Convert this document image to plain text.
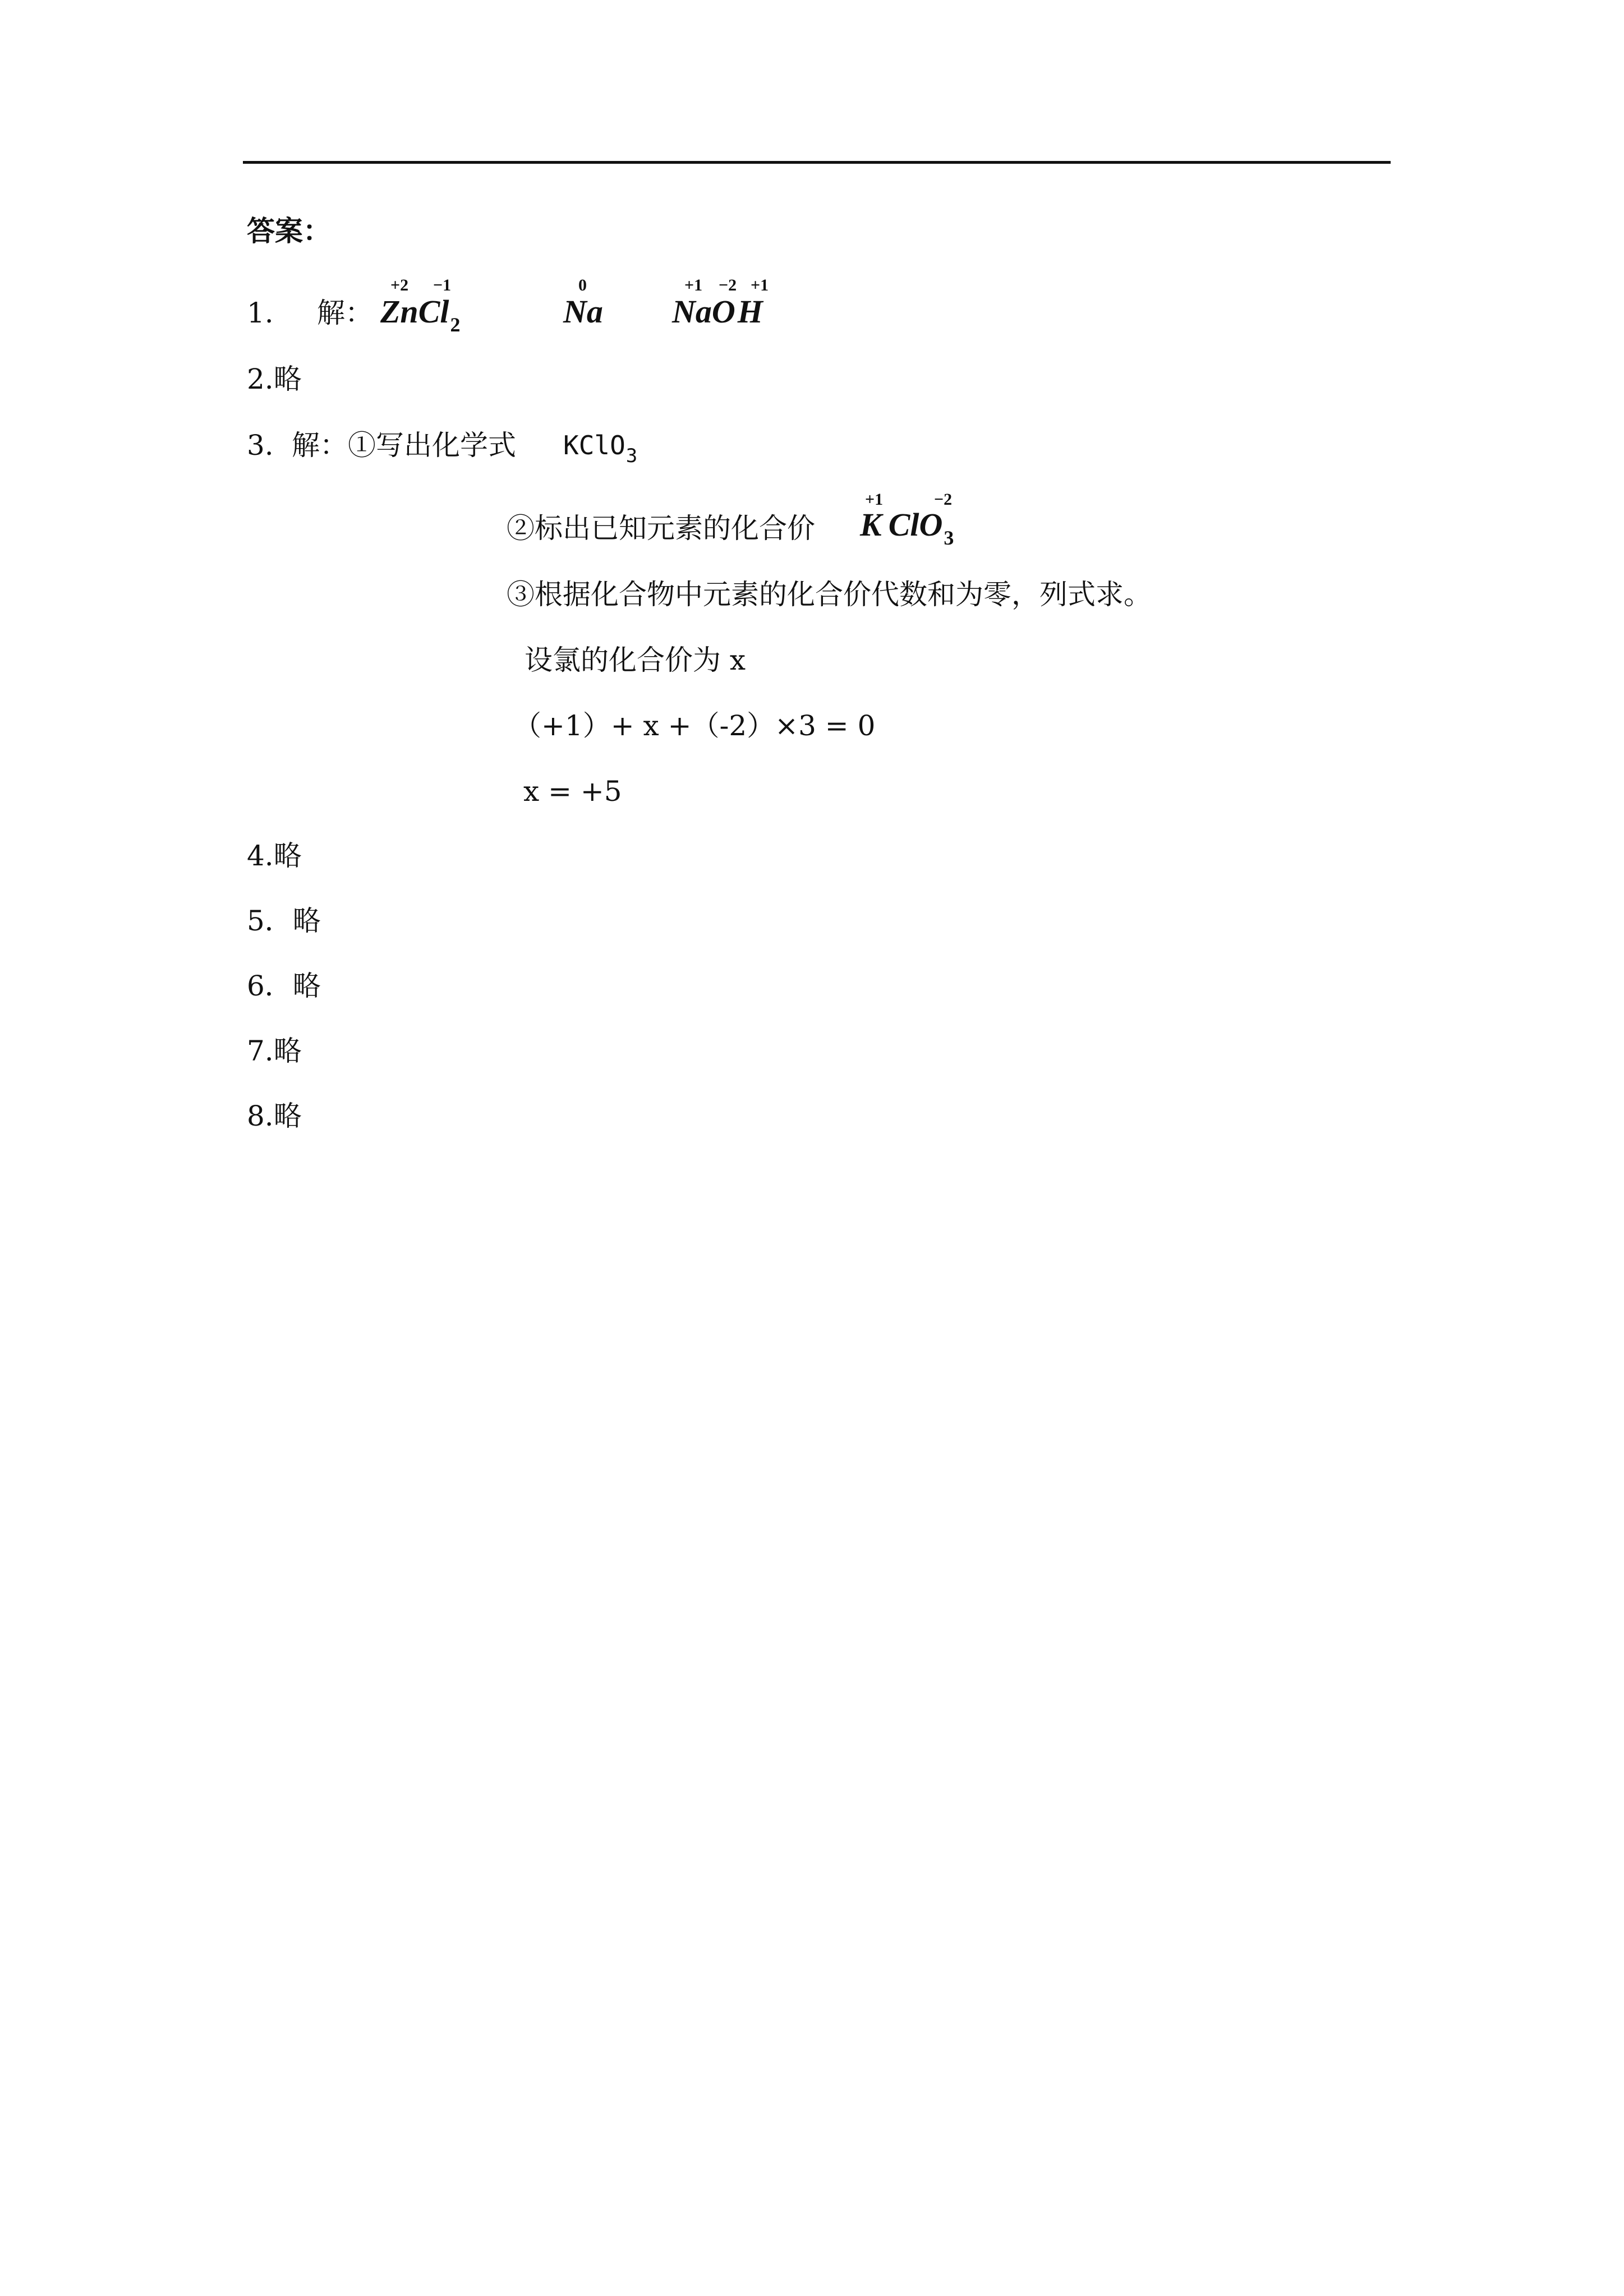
答案：
1. 解：
+2 −1
ZnCl$_2$
0
Na
+1 −2 +1
NaOH
2.略
3. 解：①写出化学式 KClO$_3$
②标出已知元素的化合价
+1	−2
K ClO$_3$
③根据化合物中元素的化合价代数和为零，列式求。
设氯的化合价为 x
（+1）+ x +（-2）×3 = 0
x = +5
4.略
5．略
6．略
7.略
8.略
